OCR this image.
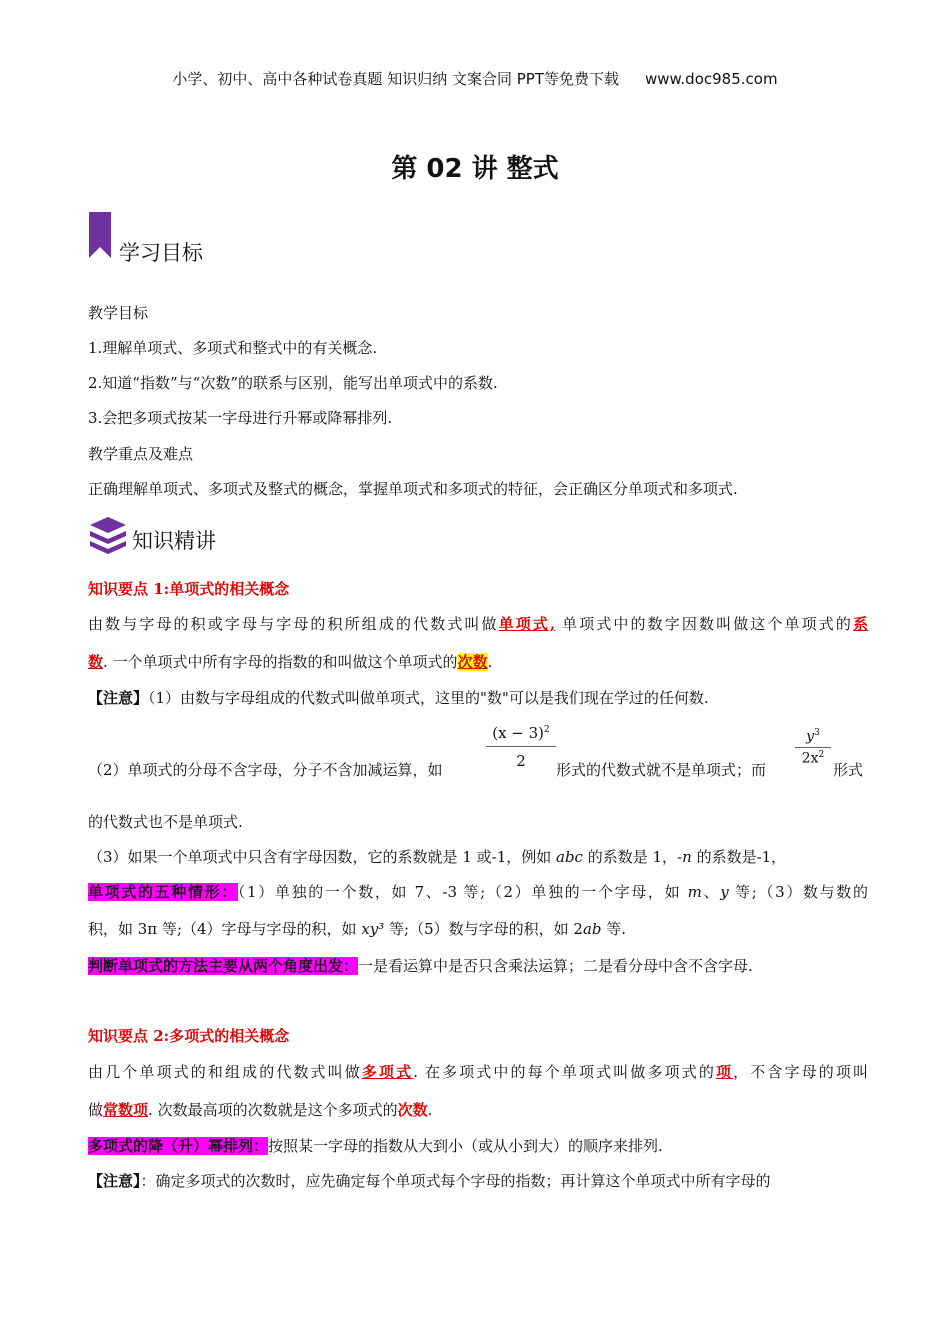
小学、初中、高中各种试卷真题 知识归纳 文案合同 PPT等免费下载 www.doc985.com
第 02 讲 整式
学习目标
教学目标
1.理解单项式、多项式和整式中的有关概念.
2.知道“指数”与“次数”的联系与区别，能写出单项式中的系数.
3.会把多项式按某一字母进行升幂或降幂排列.
教学重点及难点
正确理解单项式、多项式及整式的概念，掌握单项式和多项式的特征，会正确区分单项式和多项式.
知识精讲
知识要点 1:单项式的相关概念
由数与字母的积或字母与字母的积所组成的代数式叫做单项式, 单项式中的数字因数叫做这个单项式的系
数. 一个单项式中所有字母的指数的和叫做这个单项式的次数.
【注意】（1）由数与字母组成的代数式叫做单项式，这里的"数"可以是我们现在学过的任何数.
（2）单项式的分母不含字母，分子不含加减运算，如
$(x - 3)^2$
2	形式的代数式就不是单项式；而
$y^3$
$2x^2$
形式
的代数式也不是单项式.
（3）如果一个单项式中只含有字母因数，它的系数就是 1 或-1，例如 abc 的系数是 1，-n 的系数是-1，
单项式的五种情形：（1）单独的一个数，如 7、-3 等;（2）单独的一个字母，如 m、y 等;（3）数与数的
积，如 3π 等;（4）字母与字母的积，如 xy³ 等;（5）数与字母的积，如 2ab 等.
判断单项式的方法主要从两个角度出发：一是看运算中是否只含乘法运算；二是看分母中含不含字母.
知识要点 2:多项式的相关概念
由几个单项式的和组成的代数式叫做多项式. 在多项式中的每个单项式叫做多项式的项，不含字母的项叫
做常数项. 次数最高项的次数就是这个多项式的次数.
多项式的降（升）幂排列：按照某一字母的指数从大到小（或从小到大）的顺序来排列.
【注意】：确定多项式的次数时，应先确定每个单项式每个字母的指数；再计算这个单项式中所有字母的
